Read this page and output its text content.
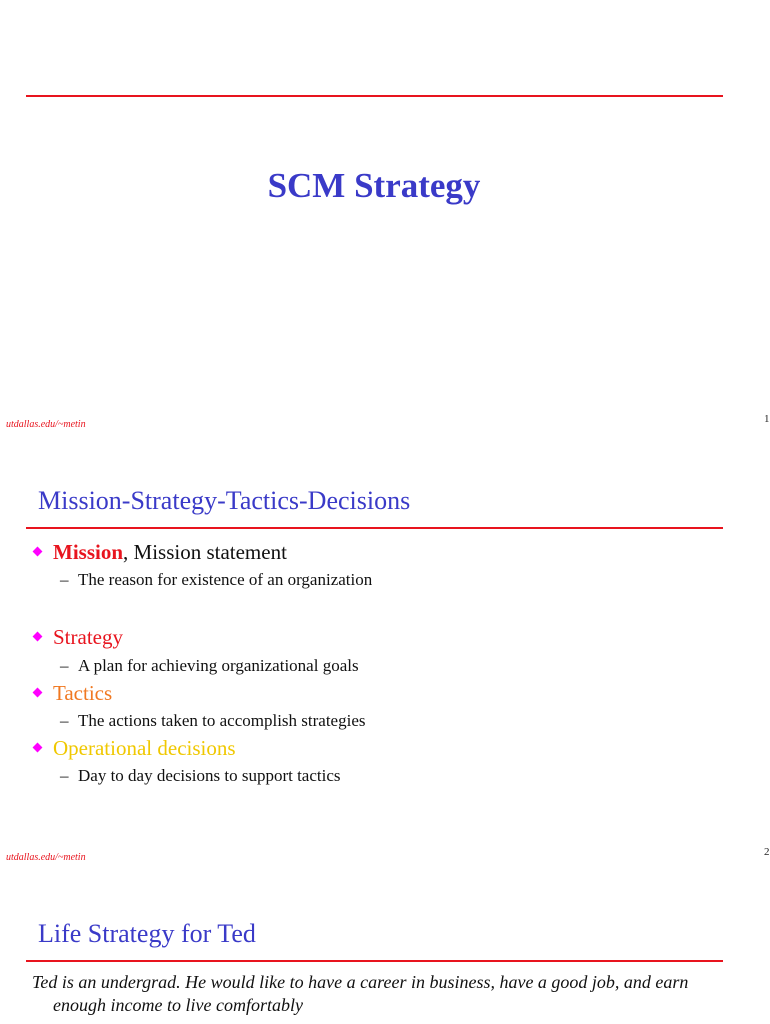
SCM Strategy
utdallas.edu/~metin	1
Mission-Strategy-Tactics-Decisions
Mission , Mission statement
– The reason for existence of an organization
Strategy
– A plan for achieving organizational goals
Tactics
– The actions taken to accomplish strategies
Operational decisions
– Day to day decisions to support tactics
utdallas.edu/~metin	2
Life Strategy for Ted
Ted is an undergrad. He would like to have a career in business, have a good job, and earn
enough income to live comfortably
